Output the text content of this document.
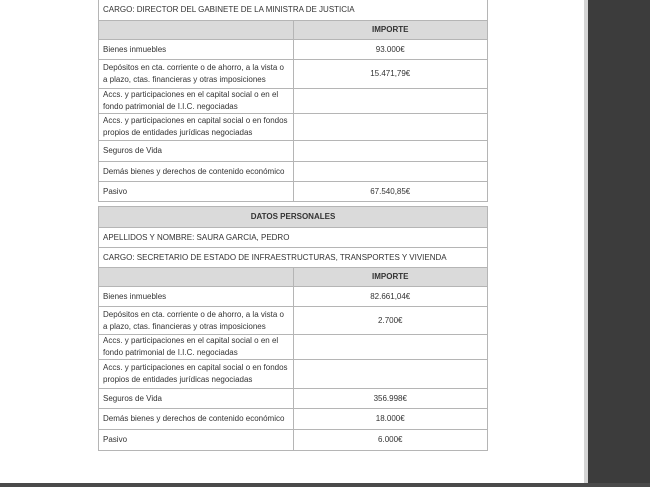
CARGO: DIRECTOR DEL GABINETE DE LA MINISTRA DE JUSTICIA	
	IMPORTE
Bienes inmuebles	93.000€
Depósitos en cta. corriente o de ahorro, a la vista o a plazo, ctas. financieras y otras imposiciones	15.471,79€
Accs. y participaciones en el capital social o en el fondo patrimonial de I.I.C. negociadas	
Accs. y participaciones en capital social o en fondos propios de entidades jurídicas negociadas	
Seguros de Vida	
Demás bienes y derechos de contenido económico	
Pasivo	67.540,85€
DATOS PERSONALES	
APELLIDOS Y NOMBRE: SAURA GARCIA, PEDRO	
CARGO: SECRETARIO DE ESTADO DE INFRAESTRUCTURAS, TRANSPORTES Y VIVIENDA	
	IMPORTE
Bienes inmuebles	82.661,04€
Depósitos en cta. corriente o de ahorro, a la vista o a plazo, ctas. financieras y otras imposiciones	2.700€
Accs. y participaciones en el capital social o en el fondo patrimonial de I.I.C. negociadas	
Accs. y participaciones en capital social o en fondos propios de entidades jurídicas negociadas	
Seguros de Vida	356.998€
Demás bienes y derechos de contenido económico	18.000€
Pasivo	6.000€
